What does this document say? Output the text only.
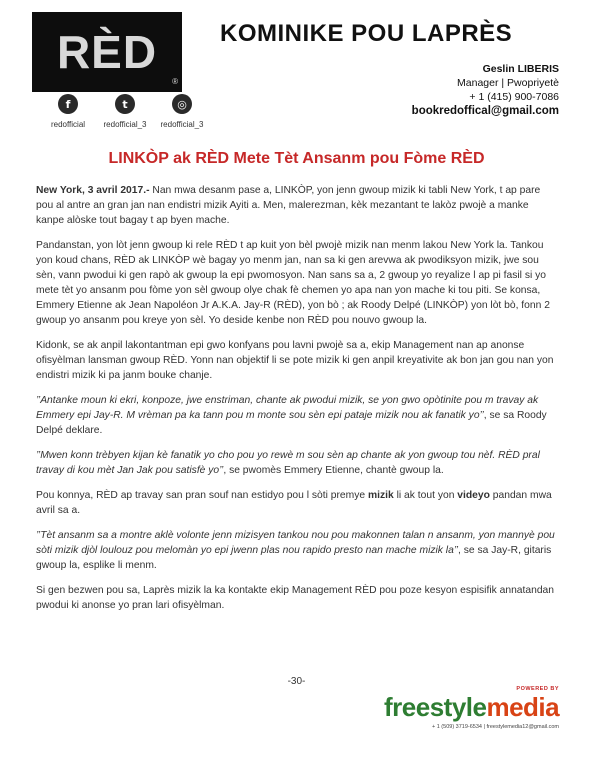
RÈD
®
f
redofficial
t
redofficial_3
◎
redofficial_3
KOMINIKE POU LAPRÈS
Geslin LIBERIS
Manager | Pwopriyetè
+ 1 (415) 900-7086
bookredoffical@gmail.com
LINKÒP ak RÈD Mete Tèt Ansanm pou Fòme RÈD

New York, 3 avril 2017.- Nan mwa desanm pase a, LINKÒP, yon jenn gwoup mizik ki tabli New York, t ap pare pou al antre an gran jan nan endistri mizik Ayiti a. Men, malerezman, kèk mezantant te lakòz pwojè a manke kanpe alòske tout bagay t ap byen mache.

Pandanstan, yon lòt jenn gwoup ki rele RÈD t ap kuit yon bèl pwojè mizik nan menm lakou New York la. Tankou yon koud chans, RÈD ak LINKÒP wè bagay yo menm jan, nan sa ki gen arevwa ak pwodiksyon mizik, jwe sou sèn, vann pwodui ki gen rapò ak gwoup la epi pwomosyon. Nan sans sa a, 2 gwoup yo reyalize l ap pi fasil si yo mete tèt yo ansanm pou fòme yon sèl gwoup olye chak fè chemen yo apa nan yon mache ki tou piti. Se konsa, Emmery Etienne ak Jean Napoléon Jr A.K.A. Jay-R (RÈD), yon bò ; ak Roody Delpé (LINKÒP) yon lòt bò, fonn 2 gwoup yo ansanm pou kreye yon sèl. Yo deside kenbe non RÈD pou nouvo gwoup la.

Kidonk, se ak anpil lakontantman epi gwo konfyans pou lavni pwojè sa a, ekip Management nan ap anonse ofisyèlman lansman gwoup RÈD. Yonn nan objektif li se pote mizik ki gen anpil kreyativite ak bon jan gou nan yon endistri mizik ki pa janm bouke chanje.

’’Antanke moun ki ekri, konpoze, jwe enstriman, chante ak pwodui mizik, se yon gwo opòtinite pou m travay ak Emmery epi Jay-R. M vrèman pa ka tann pou m monte sou sèn epi pataje mizik nou ak fanatik yo’’, se sa Roody Delpé deklare.

’’Mwen konn trèbyen kijan kè fanatik yo cho pou yo rewè m sou sèn ap chante ak yon gwoup tou nèf. RÈD pral travay di kou mèt Jan Jak pou satisfè yo’’, se pwomès Emmery Etienne, chantè gwoup la.

Pou konnya, RÈD ap travay san pran souf nan estidyo pou l sòti premye mizik li ak tout yon videyo pandan mwa avril sa a.

’’Tèt ansanm sa a montre aklè volonte jenn mizisyen tankou nou pou makonnen talan n ansanm, yon mannyè pou sòti mizik djòl loulouz pou melomàn yo epi jwenn plas nou rapido presto nan mache mizik la’’, se sa Jay-R, gitaris gwoup la, esplike li menm.

Si gen bezwen pou sa, Laprès mizik la ka kontakte ekip Management RÈD pou poze kesyon espisifik annatandan pwodui ki anonse yo pran lari ofisyèlman.

-30-
POWERED BY
freestylemedia
+ 1 (509) 3719-6534 | freestylemedia12@gmail.com
